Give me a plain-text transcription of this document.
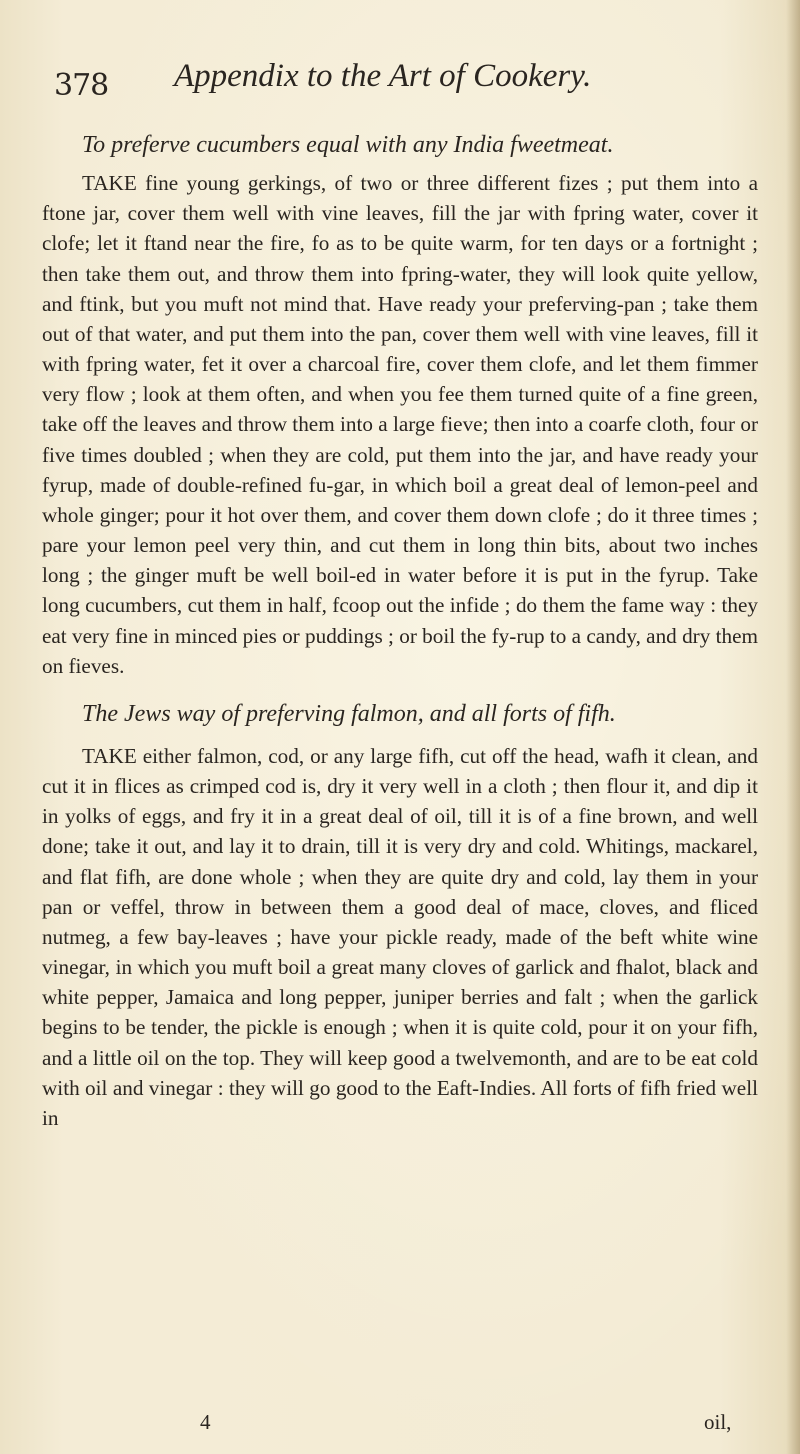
378 Appendix to the Art of Cookery.
To preferve cucumbers equal with any India fweetmeat.

TAKE fine young gerkings, of two or three different fizes ; put them into a ftone jar, cover them well with vine leaves, fill the jar with fpring water, cover it clofe; let it ftand near the fire, fo as to be quite warm, for ten days or a fortnight ; then take them out, and throw them into fpring-water, they will look quite yellow, and ftink, but you muft not mind that. Have ready your preferving-pan ; take them out of that water, and put them into the pan, cover them well with vine leaves, fill it with fpring water, fet it over a charcoal fire, cover them clofe, and let them fimmer very flow ; look at them often, and when you fee them turned quite of a fine green, take off the leaves and throw them into a large fieve; then into a coarfe cloth, four or five times doubled ; when they are cold, put them into the jar, and have ready your fyrup, made of double-refined fu-gar, in which boil a great deal of lemon-peel and whole ginger; pour it hot over them, and cover them down clofe ; do it three times ; pare your lemon peel very thin, and cut them in long thin bits, about two inches long ; the ginger muft be well boil-ed in water before it is put in the fyrup. Take long cucumbers, cut them in half, fcoop out the infide ; do them the fame way : they eat very fine in minced pies or puddings ; or boil the fy-rup to a candy, and dry them on fieves.

The Jews way of preferving falmon, and all forts of fifh.

TAKE either falmon, cod, or any large fifh, cut off the head, wafh it clean, and cut it in flices as crimped cod is, dry it very well in a cloth ; then flour it, and dip it in yolks of eggs, and fry it in a great deal of oil, till it is of a fine brown, and well done; take it out, and lay it to drain, till it is very dry and cold. Whitings, mackarel, and flat fifh, are done whole ; when they are quite dry and cold, lay them in your pan or veffel, throw in between them a good deal of mace, cloves, and fliced nutmeg, a few bay-leaves ; have your pickle ready, made of the beft white wine vinegar, in which you muft boil a great many cloves of garlick and fhalot, black and white pepper, Jamaica and long pepper, juniper berries and falt ; when the garlick begins to be tender, the pickle is enough ; when it is quite cold, pour it on your fifh, and a little oil on the top. They will keep good a twelvemonth, and are to be eat cold with oil and vinegar : they will go good to the Eaft-Indies. All forts of fifh fried well in

4	oil,
